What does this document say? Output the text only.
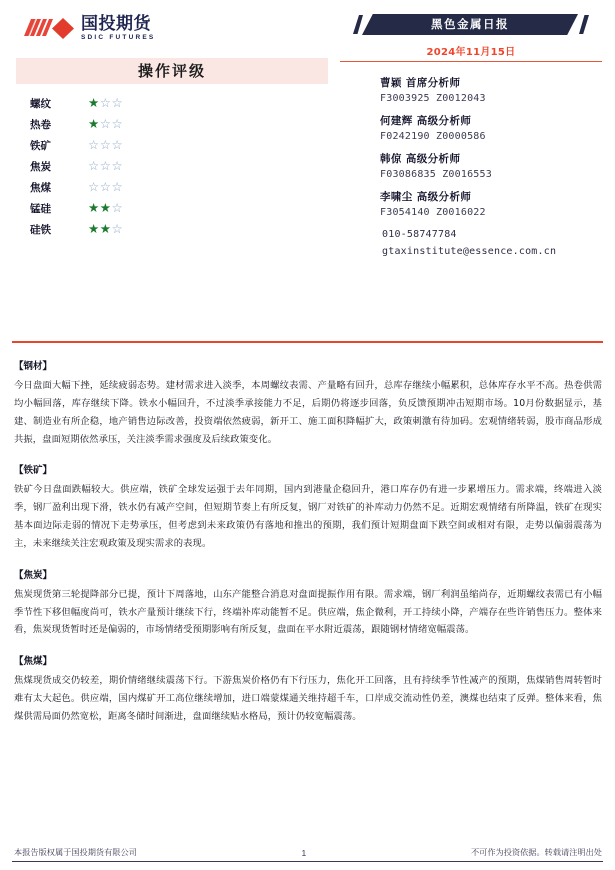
国投期货
SDIC FUTURES
操作评级
螺纹	★☆☆
热卷	★☆☆
铁矿	☆☆☆
焦炭	☆☆☆
焦煤	☆☆☆
锰硅	★★☆
硅铁	★★☆
黑色金属日报
2024年11月15日
曹颖 首席分析师
F3003925 Z0012043
何建辉 高级分析师
F0242190 Z0000586
韩倞 高级分析师
F03086835 Z0016553
李啸尘 高级分析师
F3054140 Z0016022
010-58747784
gtaxinstitute@essence.com.cn
【钢材】
今日盘面大幅下挫，延续疲弱态势。建材需求进入淡季，本周螺纹表需、产量略有回升，总库存继续小幅累积，总体库存水平不高。热卷供需均小幅回落，库存继续下降。铁水小幅回升，不过淡季承接能力不足，后期仍将逐步回落，负反馈预期冲击短期市场。10月份数据显示，基建、制造业有所企稳，地产销售边际改善，投资端依然疲弱，新开工、施工面积降幅扩大，政策刺激有待加码。宏观情绪转弱，股市商品形成共振，盘面短期依然承压，关注淡季需求强度及后续政策变化。
【铁矿】
铁矿今日盘面跌幅较大。供应端，铁矿全球发运强于去年同期，国内到港量企稳回升，港口库存仍有进一步累增压力。需求端，终端进入淡季，钢厂盈利出现下滑，铁水仍有减产空间，但短期节奏上有所反复，钢厂对铁矿的补库动力仍然不足。近期宏观情绪有所降温，铁矿在现实基本面边际走弱的情况下走势承压，但考虑到未来政策仍有落地和推出的预期，我们预计短期盘面下跌空间或相对有限，走势以偏弱震荡为主，未来继续关注宏观政策及现实需求的表现。
【焦炭】
焦炭现货第三轮提降部分已提，预计下周落地，山东产能整合消息对盘面提振作用有限。需求端，钢厂利润虽缩尚存，近期螺纹表需已有小幅季节性下移但幅度尚可，铁水产量预计继续下行，终端补库动能暂不足。供应端，焦企微利，开工持续小降，产端存在些许销售压力。整体来看，焦炭现货暂时还是偏弱的，市场情绪受预期影响有所反复，盘面在平水附近震荡，跟随钢材情绪宽幅震荡。
【焦煤】
焦煤现货成交仍较差，期价情绪继续震荡下行。下游焦炭价格仍有下行压力，焦化开工回落，且有持续季节性减产的预期，焦煤销售周转暂时难有太大起色。供应端，国内煤矿开工高位继续增加，进口端蒙煤通关维持超千车，口岸成交流动性仍差，澳煤也结束了反弹。整体来看，焦煤供需局面仍然宽松，距离冬储时间渐进，盘面继续贴水格局，预计仍较宽幅震荡。
本报告版权属于国投期货有限公司	1	不可作为投资依据。转载请注明出处
